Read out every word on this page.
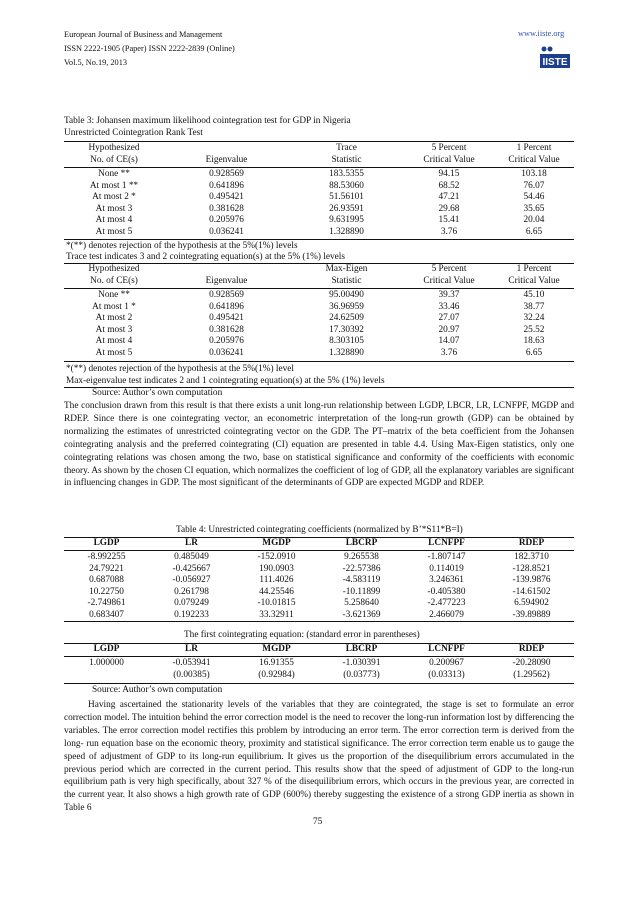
European Journal of Business and Management
ISSN 2222-1905 (Paper) ISSN 2222-2839 (Online)
Vol.5, No.19, 2013
www.iiste.org
IISTE
Table 3: Johansen maximum likelihood cointegration test for GDP in Nigeria
Unrestricted Cointegration Rank Test
Hypothesized		Trace	5 Percent	1 Percent
No. of CE(s)	Eigenvalue	Statistic	Critical Value	Critical Value
None **	0.928569	183.5355	94.15	103.18
At most 1 **	0.641896	88.53060	68.52	76.07
At most 2 *	0.495421	51.56101	47.21	54.46
At most 3	0.381628	26.93591	29.68	35.65
At most 4	0.205976	9.631995	15.41	20.04
At most 5	0.036241	1.328890	3.76	6.65
*(**) denotes rejection of the hypothesis at the 5%(1%) levels
Trace test indicates 3 and 2 cointegrating equation(s) at the 5% (1%) levels
Hypothesized		Max-Eigen	5 Percent	1 Percent
No. of CE(s)	Eigenvalue	Statistic	Critical Value	Critical Value
None **	0.928569	95.00490	39.37	45.10
At most 1 *	0.641896	36.96959	33.46	38.77
At most 2	0.495421	24.62509	27.07	32.24
At most 3	0.381628	17.30392	20.97	25.52
At most 4	0.205976	8.303105	14.07	18.63
At most 5	0.036241	1.328890	3.76	6.65
*(**) denotes rejection of the hypothesis at the 5%(1%) level
Max-eigenvalue test indicates 2 and 1 cointegrating equation(s) at the 5% (1%) levels
Source: Author’s own computation
The conclusion drawn from this result is that there exists a unit long-run relationship between LGDP, LBCR, LR, LCNFPF, MGDP and RDEP. Since there is one cointegrating vector, an econometric interpretation of the long-run growth (GDP) can be obtained by normalizing the estimates of unrestricted cointegrating vector on the GDP. The PT–matrix of the beta coefficient from the Johansen cointegrating analysis and the preferred cointegrating (CI) equation are presented in table 4.4. Using Max-Eigen statistics, only one cointegrating relations was chosen among the two, base on statistical significance and conformity of the coefficients with economic theory. As shown by the chosen CI equation, which normalizes the coefficient of log of GDP, all the explanatory variables are significant in influencing changes in GDP. The most significant of the determinants of GDP are expected MGDP and RDEP.
Table 4: Unrestricted cointegrating coefficients (normalized by B’*S11*B=I)
LGDP	LR	MGDP	LBCRP	LCNFPF	RDEP
-8.992255	0.485049	-152.0910	9.265538	-1.807147	182.3710
24.79221	-0.425667	190.0903	-22.57386	0.114019	-128.8521
0.687088	-0.056927	111.4026	-4.583119	3.246361	-139.9876
10.22750	0.261798	44.25546	-10.11899	-0.405380	-14.61502
-2.749861	0.079249	-10.01815	5.258640	-2.477223	6.594902
0.683407	0.192233	33.32911	-3.621369	2.466079	-39.89889
The first cointegrating equation: (standard error in parentheses)
LGDP	LR	MGDP	LBCRP	LCNFPF	RDEP
1.000000	-0.053941	16.91355	-1.030391	0.200967	-20.28090
	(0.00385)	(0.92984)	(0.03773)	(0.03313)	(1.29562)
Source: Author’s own computation
Having ascertained the stationarity levels of the variables that they are cointegrated, the stage is set to formulate an error correction model. The intuition behind the error correction model is the need to recover the long-run information lost by differencing the variables. The error correction model rectifies this problem by introducing an error term. The error correction term is derived from the long- run equation base on the economic theory, proximity and statistical significance. The error correction term enable us to gauge the speed of adjustment of GDP to its long-run equilibrium. It gives us the proportion of the disequilibrium errors accumulated in the previous period which are corrected in the current period. This results show that the speed of adjustment of GDP to the long-run equilibrium path is very high specifically, about 327 % of the disequilibrium errors, which occurs in the previous year, are corrected in the current year. It also shows a high growth rate of GDP (600%) thereby suggesting the existence of a strong GDP inertia as shown in Table 6
75
